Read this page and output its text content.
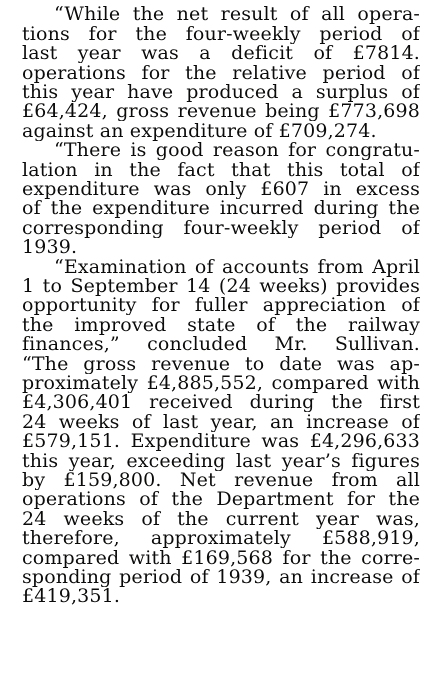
“While the net result of all opera-
tions for the four-weekly period of
last year was a deficit of £7814.
operations for the relative period of
this year have produced a surplus of
£64,424, gross revenue being £773,698
against an expenditure of £709,274.
“There is good reason for congratu-
lation in the fact that this total of
expenditure was only £607 in excess
of the expenditure incurred during the
corresponding four-weekly period of
1939.
“Examination of accounts from April
1 to September 14 (24 weeks) provides
opportunity for fuller appreciation of
the improved state of the railway
finances,” concluded Mr. Sullivan.
“The gross revenue to date was ap-
proximately £4,885,552, compared with
£4,306,401 received during the first
24 weeks of last year, an increase of
£579,151. Expenditure was £4,296,633
this year, exceeding last year’s figures
by £159,800. Net revenue from all
operations of the Department for the
24 weeks of the current year was,
therefore, approximately £588,919,
compared with £169,568 for the corre-
sponding period of 1939, an increase of
£419,351.
